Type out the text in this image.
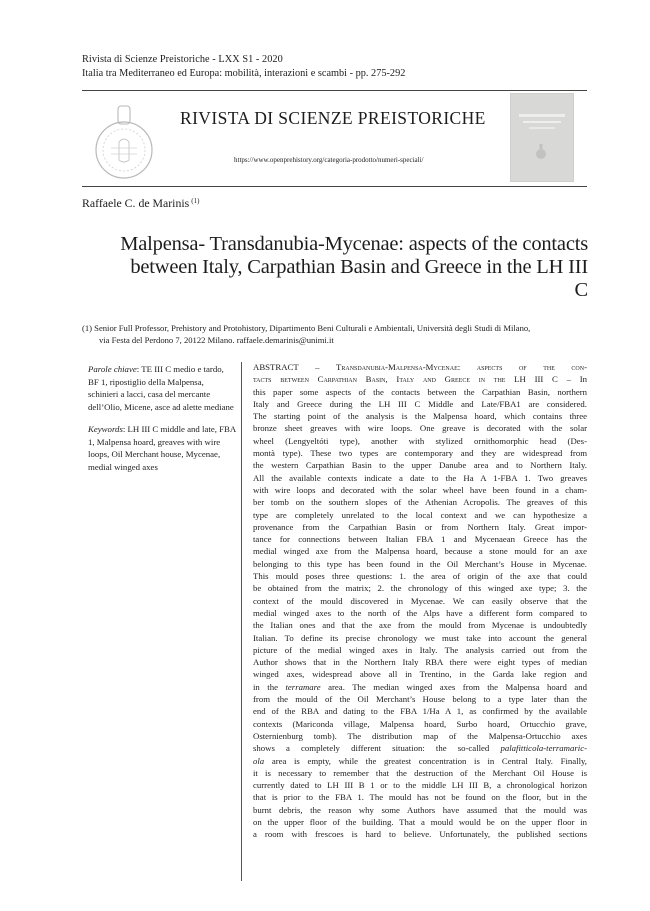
Rivista di Scienze Preistoriche - LXX S1 - 2020
Italia tra Mediterraneo ed Europa: mobilità, interazioni e scambi - pp. 275-292
RIVISTA DI SCIENZE PREISTORICHE
https://www.openprehistory.org/categoria-prodotto/numeri-speciali/
Raffaele C. de Marinis $^{(1)}$
Malpensa- Transdanubia-Mycenae: aspects of the contacts
between Italy, Carpathian Basin and Greece in the LH III C
(1) Senior Full Professor, Prehistory and Protohistory, Dipartimento Beni Culturali e Ambientali, Università degli Studi di Milano,
via Festa del Perdono 7, 20122 Milano. raffaele.demarinis@unimi.it

Parole chiave: TE III C medio e tardo, BF 1, ripostiglio della Malpensa, schinieri a lacci, casa del mercante dell’Olio, Micene, asce ad alette mediane

Keywords: LH III C middle and late, FBA 1, Malpensa hoard, greaves with wire loops, Oil Merchant house, Mycenae, medial winged axes

ABSTRACT – Transdanubia-Malpensa-Mycenae: aspects of the con-
tacts between Carpathian Basin, Italy and Greece in the LH III C – In
this paper some aspects of the contacts between the Carpathian Basin, northern
Italy and Greece during the LH III C Middle and Late/FBA1 are considered.
The starting point of the analysis is the Malpensa hoard, which contains three
bronze sheet greaves with wire loops. One greave is decorated with the solar
wheel (Lengyeltóti type), another with stylized ornithomorphic head (Des-
montà type). These two types are contemporary and they are widespread from
the western Carpathian Basin to the upper Danube area and to Northern Italy.
All the available contexts indicate a date to the Ha A 1-FBA 1. Two greaves
with wire loops and decorated with the solar wheel have been found in a cham-
ber tomb on the southern slopes of the Athenian Acropolis. The greaves of this
type are completely unrelated to the local context and we can hypothesize a
provenance from the Carpathian Basin or from Northern Italy. Great impor-
tance for connections between Italian FBA 1 and Mycenaean Greece has the
medial winged axe from the Malpensa hoard, because a stone mould for an axe
belonging to this type has been found in the Oil Merchant’s House in Mycenae.
This mould poses three questions: 1. the area of origin of the axe that could
be obtained from the matrix; 2. the chronology of this winged axe type; 3. the
context of the mould discovered in Mycenae. We can easily observe that the
medial winged axes to the north of the Alps have a different form compared to
the Italian ones and that the axe from the mould from Mycenae is undoubtedly
Italian. To define its precise chronology we must take into account the general
picture of the medial winged axes in Italy. The analysis carried out from the
Author shows that in the Northern Italy RBA there were eight types of median
winged axes, widespread above all in Trentino, in the Garda lake region and
in the terramare area. The median winged axes from the Malpensa hoard and
from the mould of the Oil Merchant’s House belong to a type later than the
end of the RBA and dating to the FBA 1/Ha A 1, as confirmed by the available
contexts (Mariconda village, Malpensa hoard, Surbo hoard, Ortucchio grave,
Osternienburg tomb). The distribution map of the Malpensa-Ortucchio axes
shows a completely different situation: the so-called palafitticola-terramaric-
ola area is empty, while the greatest concentration is in Central Italy. Finally,
it is necessary to remember that the destruction of the Merchant Oil House is
currently dated to LH III B 1 or to the middle LH III B, a chronological horizon
that is prior to the FBA 1. The mould has not be found on the floor, but in the
burnt debris, the reason why some Authors have assumed that the mould was
on the upper floor of the building. That a mould would be on the upper floor in
a room with frescoes is hard to believe. Unfortunately, the published sections
